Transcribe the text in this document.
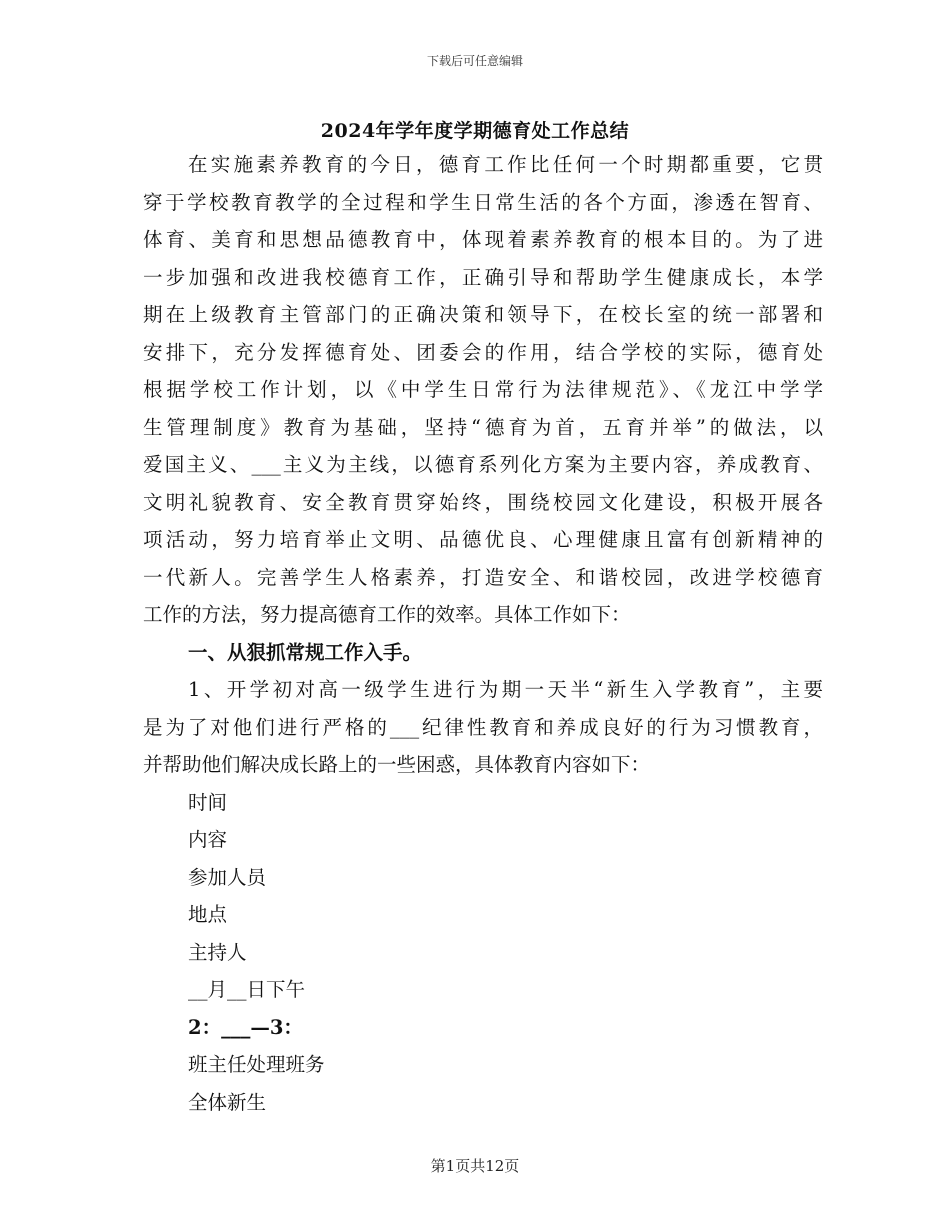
下载后可任意编辑
2024年学年度学期德育处工作总结
在实施素养教育的今日，德育工作比任何一个时期都重要，它贯
穿于学校教育教学的全过程和学生日常生活的各个方面，渗透在智育、
体育、美育和思想品德教育中，体现着素养教育的根本目的。为了进
一步加强和改进我校德育工作，正确引导和帮助学生健康成长，本学
期在上级教育主管部门的正确决策和领导下，在校长室的统一部署和
安排下，充分发挥德育处、团委会的作用，结合学校的实际，德育处
根据学校工作计划，以《中学生日常行为法律规范》、《龙江中学学
生管理制度》教育为基础，坚持“德育为首，五育并举”的做法，以
爱国主义、___主义为主线，以德育系列化方案为主要内容，养成教育、
文明礼貌教育、安全教育贯穿始终，围绕校园文化建设，积极开展各
项活动，努力培育举止文明、品德优良、心理健康且富有创新精神的
一代新人。完善学生人格素养，打造安全、和谐校园，改进学校德育
工作的方法，努力提高德育工作的效率。具体工作如下：
一、从狠抓常规工作入手。
1、开学初对高一级学生进行为期一天半“新生入学教育”，主要
是为了对他们进行严格的___纪律性教育和养成良好的行为习惯教育，
并帮助他们解决成长路上的一些困惑，具体教育内容如下：
时间
内容
参加人员
地点
主持人
__月__日下午
2：___—3：
班主任处理班务
全体新生
第1页共12页
